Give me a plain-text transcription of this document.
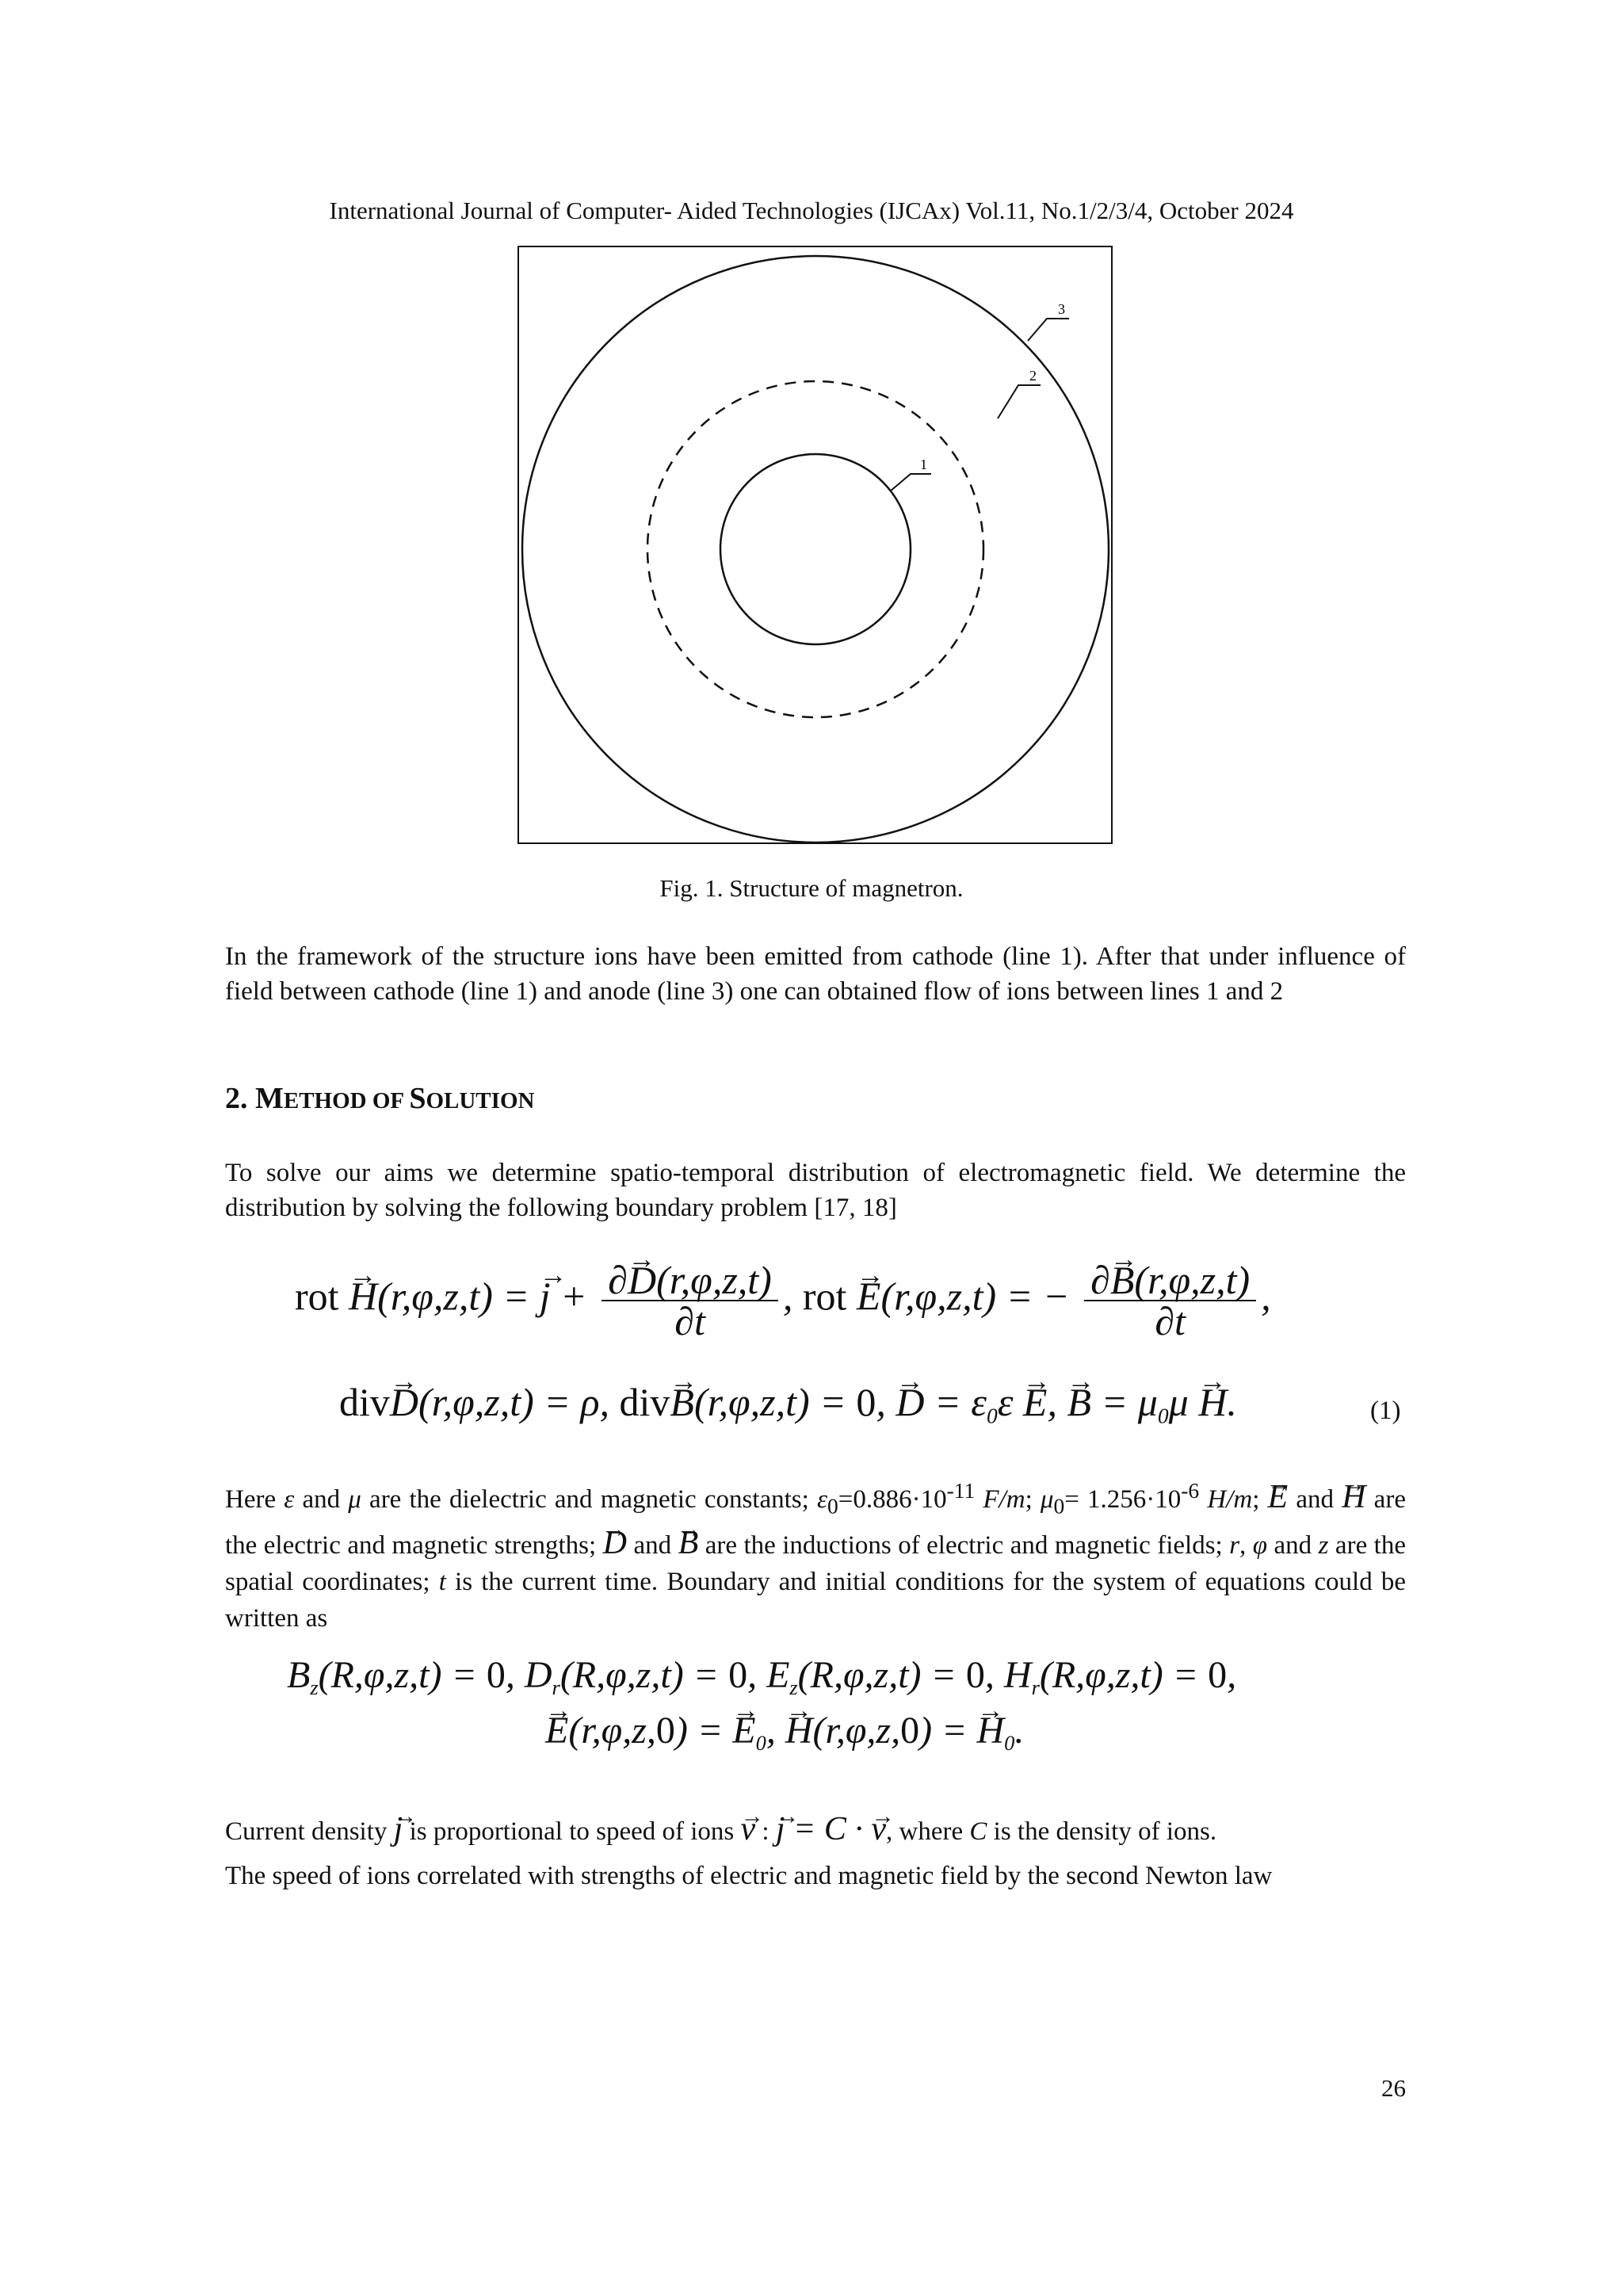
International Journal of Computer- Aided Technologies (IJCAx) Vol.11, No.1/2/3/4, October 2024
1
2
3
Fig. 1. Structure of magnetron.
In the framework of the structure ions have been emitted from cathode (line 1). After that under influence of field between cathode (line 1) and anode (line 3) one can obtained flow of ions between lines 1 and 2
2. METHOD OF SOLUTION
To solve our aims we determine spatio-temporal distribution of electromagnetic field. We determine the distribution by solving the following boundary problem [17, 18]
rot → H(r,φ,z,t) = → $j + \frac{\partial\to D(r,\varphi,z,t)}{\partial t}$ , rot → E(r,φ,z,t) = − $\frac{\partial\to B(r,\varphi,z,t)}{\partial t}$ ,
div→ D(r,φ,z,t) = ρ, div→ B(r,φ,z,t) = 0, → $D = \varepsilon_0\varepsilon \to E$, → $B = \mu_0\mu \to H$.	(1)
Here ε and μ are the dielectric and magnetic constants; $\varepsilon_0=0.886\cdot 10^{-11}$ F/m; $\mu_0= 1.256\cdot 10^{-6}$ H/m; → E and → H are the electric and magnetic strengths; → D and → B are the inductions of electric and magnetic fields; r, φ and z are the spatial coordinates; t is the current time. Boundary and initial conditions for the system of equations could be written as
$B_z(R,\varphi,z,t) = 0$, $D_r(R,\varphi,z,t) = 0$, $E_z(R,\varphi,z,t) = 0$, $H_r(R,\varphi,z,t) = 0$,
→ E(r,φ,z,0) = → $E_0$, → H(r,φ,z,0) = → $H_0$.
Current density → j is proportional to speed of ions → v : → j = C · → v, where C is the density of ions.
The speed of ions correlated with strengths of electric and magnetic field by the second Newton law
26
